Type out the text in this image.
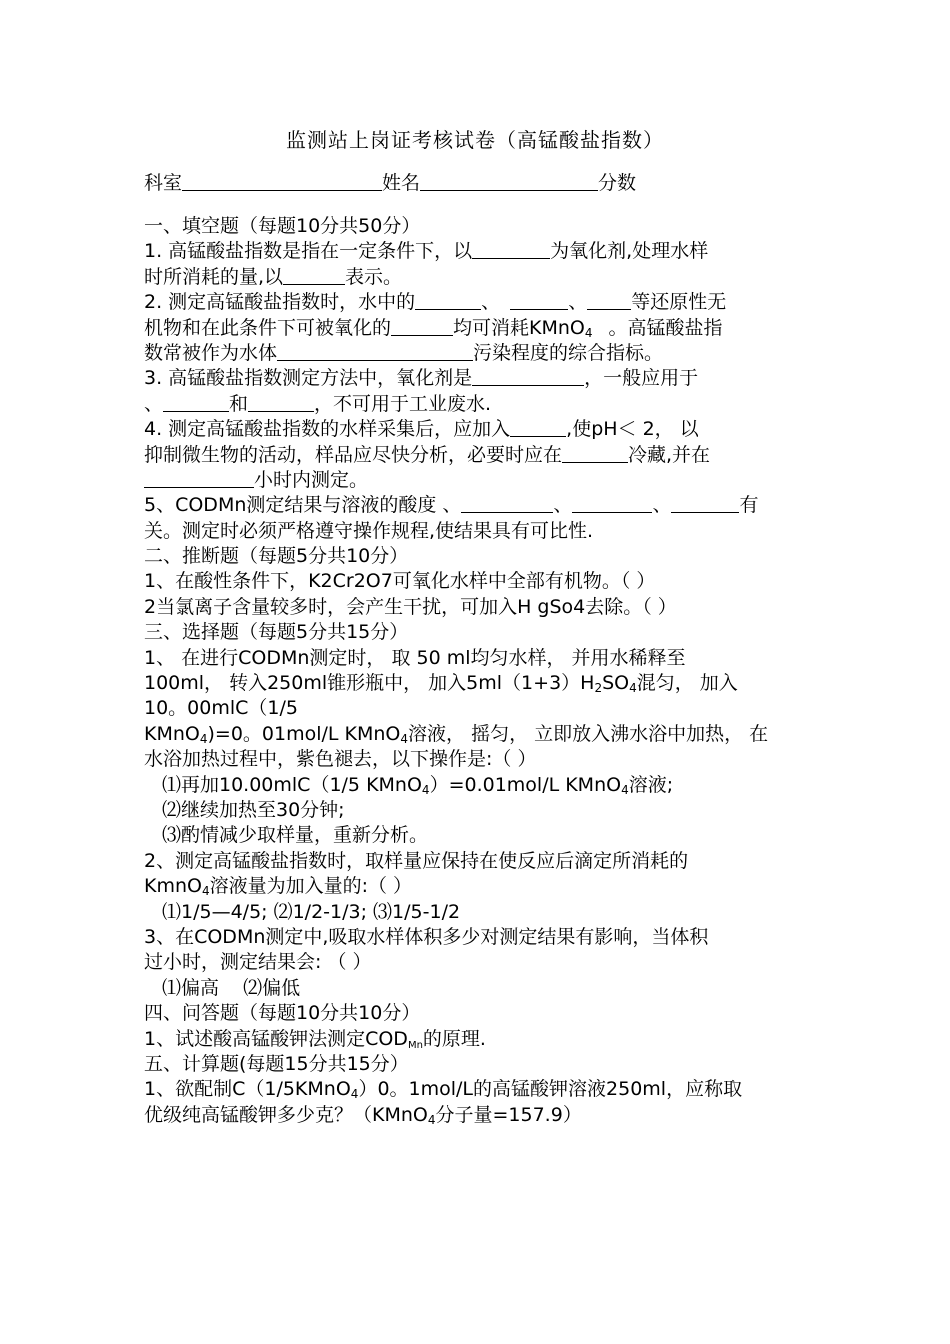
监测站上岗证考核试卷（高锰酸盐指数）
科室	姓名	分数
一、填空题（每题10分共50分）
1. 高锰酸盐指数是指在一定条件下，以	为氧化剂,处理水样
时所消耗的量,以	表示。
2. 测定高锰酸盐指数时，水中的	、	、 等还原性无
机物和在此条件下可被氧化的	均可消耗KMnO$_4$ 。高锰酸盐指
数常被作为水体	污染程度的综合指标。
3. 高锰酸盐指数测定方法中，氧化剂是	，一般应用于
、	和	，不可用于工业废水.
4. 测定高锰酸盐指数的水样采集后，应加入	,使pH＜ 2， 以
抑制微生物的活动，样品应尽快分析，必要时应在	冷藏,并在
小时内测定。
5、CODMn测定结果与溶液的酸度 、	、	、	有
关。测定时必须严格遵守操作规程,使结果具有可比性.
二、推断题（每题5分共10分）
1、在酸性条件下，K2Cr2O7可氧化水样中全部有机物。（ ）
2当氯离子含量较多时，会产生干扰，可加入H gSo4去除。（ ）
三、选择题（每题5分共15分）
1、 在进行CODMn测定时， 取 50 ml均匀水样， 并用水稀释至
100ml， 转入250ml锥形瓶中， 加入$5ml(1+3)H_2SO_4$混匀， 加入
10。00mlC（1/5
KMnO$_4$)=0。01mol/L KMnO$_4$溶液， 摇匀， 立即放入沸水浴中加热， 在
水浴加热过程中，紫色褪去，以下操作是:（ ）
⑴再加10.00mlC（1/5 KMnO$_4$）=0.01mol/L KMnO$_4$溶液;
⑵继续加热至30分钟;
⑶酌情减少取样量，重新分析。
2、测定高锰酸盐指数时，取样量应保持在使反应后滴定所消耗的
KmnO$_4$溶液量为加入量的:（ ）
⑴1/5—4/5; ⑵1/2-1/3; ⑶1/5-1/2
3、在CODMn测定中,吸取水样体积多少对测定结果有影响，当体积
过小时，测定结果会: （ ）
⑴偏高    ⑵偏低
四、问答题（每题10分共10分）
1、试述酸高锰酸钾法测定$COD_{Mn}$的原理.
五、计算题(每题15分共15分）
1、欲配制C（1/5KMnO$_4$）0。1mol/L的高锰酸钾溶液250ml，应称取
优级纯高锰酸钾多少克？（KMnO$_4$分子量=157.9）
